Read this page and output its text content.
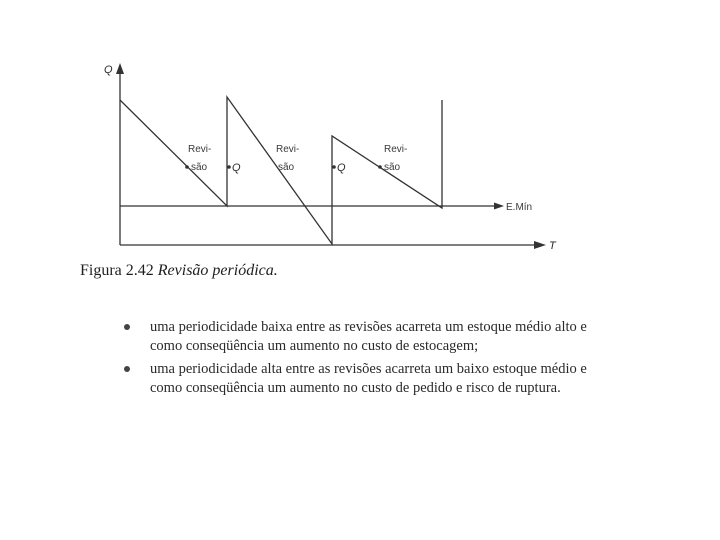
Q
T
E.Mín
Revi-
são
Revi-
são
Revi-
são
Q	Q
Figura 2.42 Revisão periódica.
uma periodicidade baixa entre as revisões acarreta um estoque médio alto e como conseqüência um aumento no custo de estocagem;
uma periodicidade alta entre as revisões acarreta um baixo estoque médio e como conseqüência um aumento no custo de pedido e risco de ruptura.
